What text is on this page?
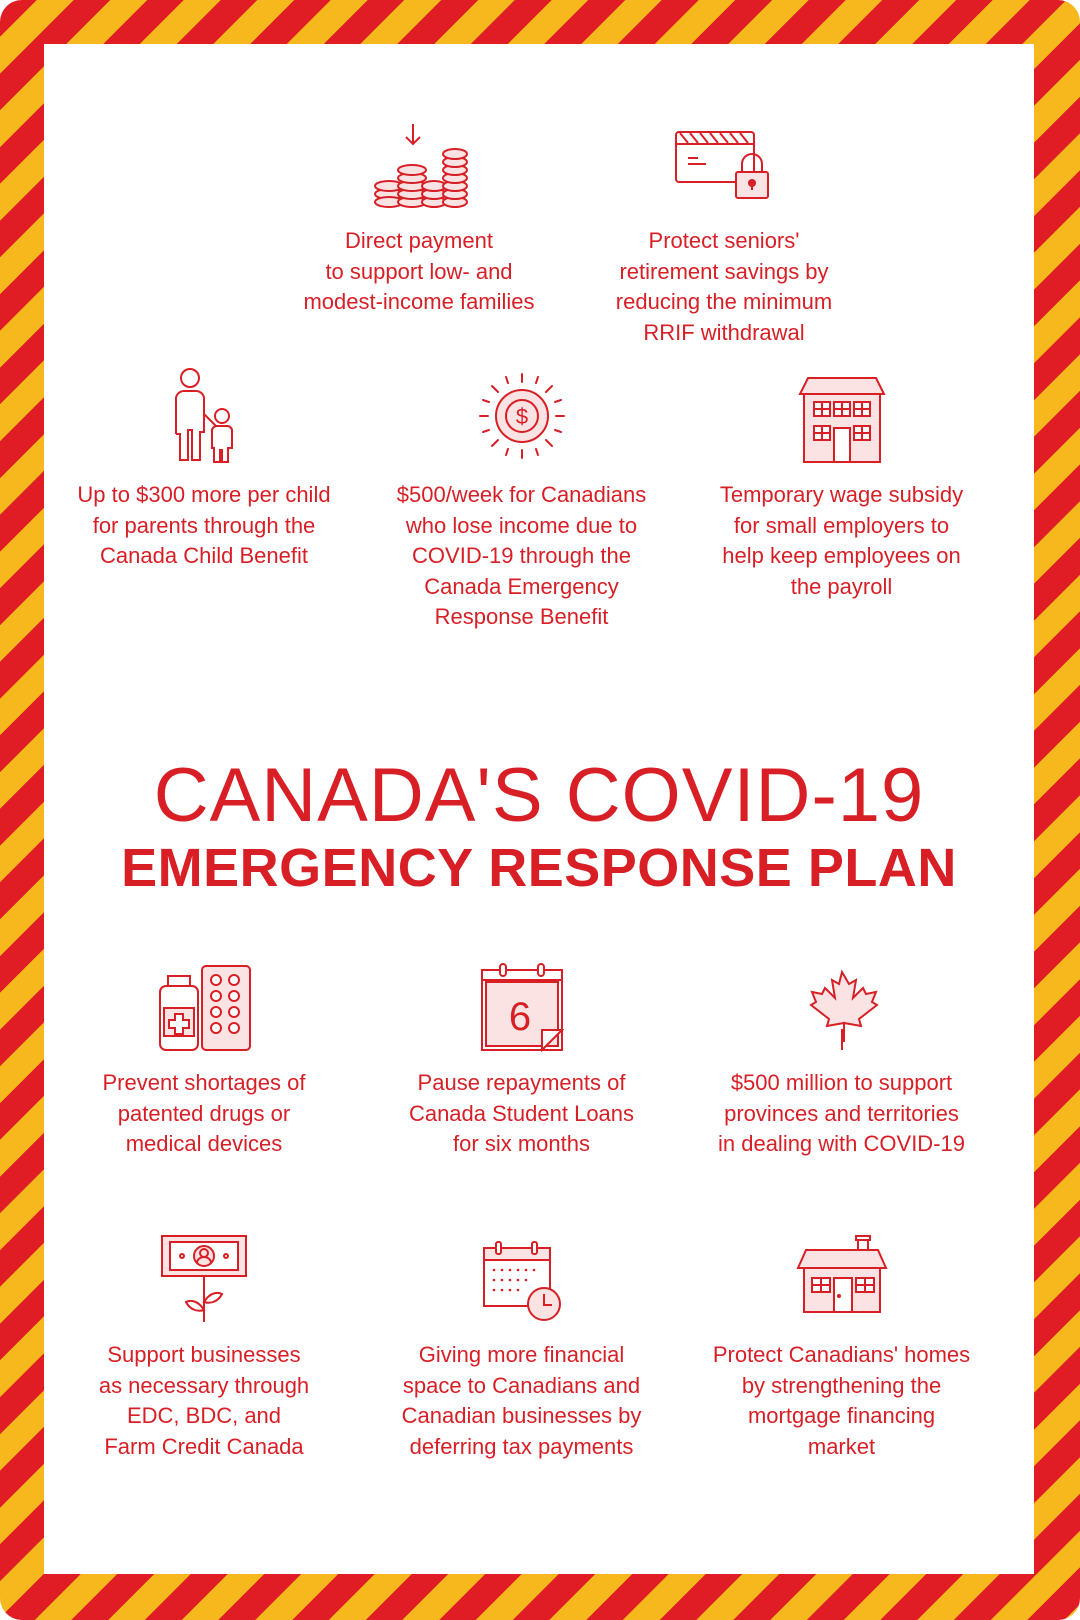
Direct payment
to support low- and
modest-income families
Protect seniors'
retirement savings by
reducing the minimum
RRIF withdrawal
Up to $300 more per child
for parents through the
Canada Child Benefit
$
$500/week for Canadians
who lose income due to
COVID-19 through the
Canada Emergency
Response Benefit
Temporary wage subsidy
for small employers to
help keep employees on
the payroll
CANADA'S COVID-19
EMERGENCY RESPONSE PLAN
Prevent shortages of
patented drugs or
medical devices
6
Pause repayments of
Canada Student Loans
for six months
$500 million to support
provinces and territories
in dealing with COVID-19
Support businesses
as necessary through
EDC, BDC, and
Farm Credit Canada
Giving more financial
space to Canadians and
Canadian businesses by
deferring tax payments
Protect Canadians' homes
by strengthening the
mortgage financing
market
